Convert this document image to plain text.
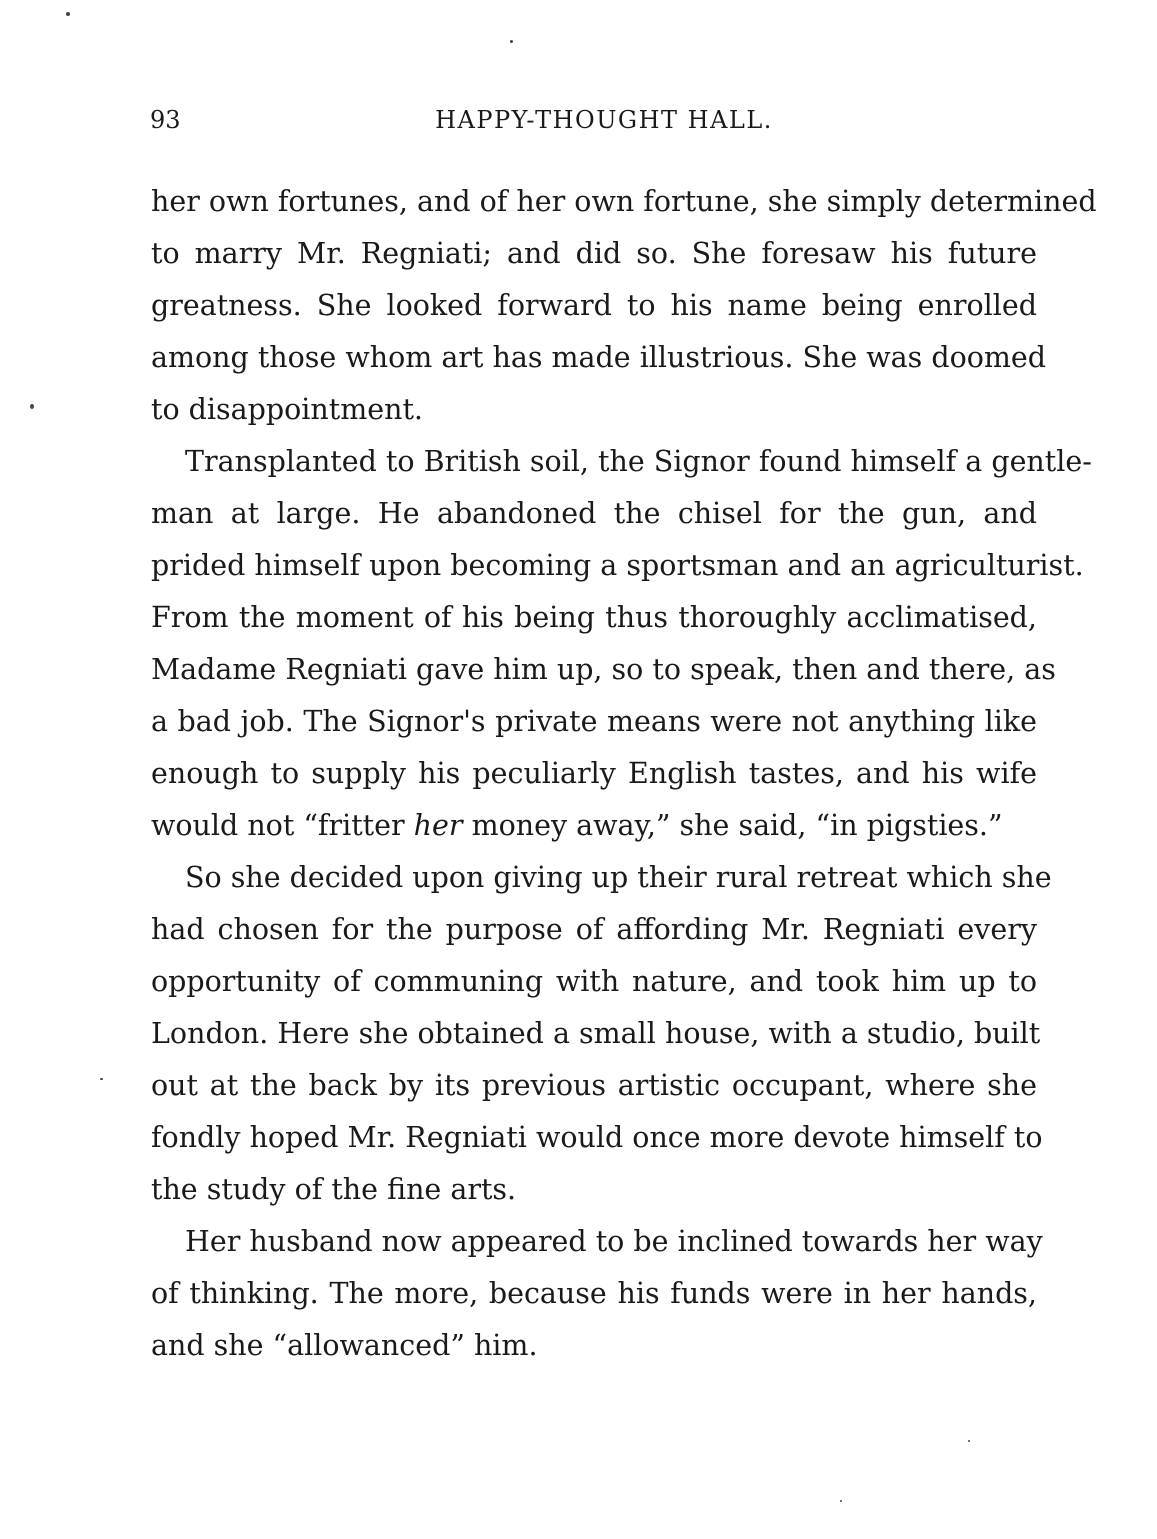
93	HAPPY-THOUGHT HALL.
her own fortunes, and of her own fortune, she simply determined
to marry Mr. Regniati; and did so. She foresaw his future
greatness. She looked forward to his name being enrolled
among those whom art has made illustrious. She was doomed
to disappointment.
Transplanted to British soil, the Signor found himself a gentle-
man at large. He abandoned the chisel for the gun, and
prided himself upon becoming a sportsman and an agriculturist.
From the moment of his being thus thoroughly acclimatised,
Madame Regniati gave him up, so to speak, then and there, as
a bad job. The Signor's private means were not anything like
enough to supply his peculiarly English tastes, and his wife
would not “fritter her money away,” she said, “in pigsties.”
So she decided upon giving up their rural retreat which she
had chosen for the purpose of affording Mr. Regniati every
opportunity of communing with nature, and took him up to
London. Here she obtained a small house, with a studio, built
out at the back by its previous artistic occupant, where she
fondly hoped Mr. Regniati would once more devote himself to
the study of the fine arts.
Her husband now appeared to be inclined towards her way
of thinking. The more, because his funds were in her hands,
and she “allowanced” him.
